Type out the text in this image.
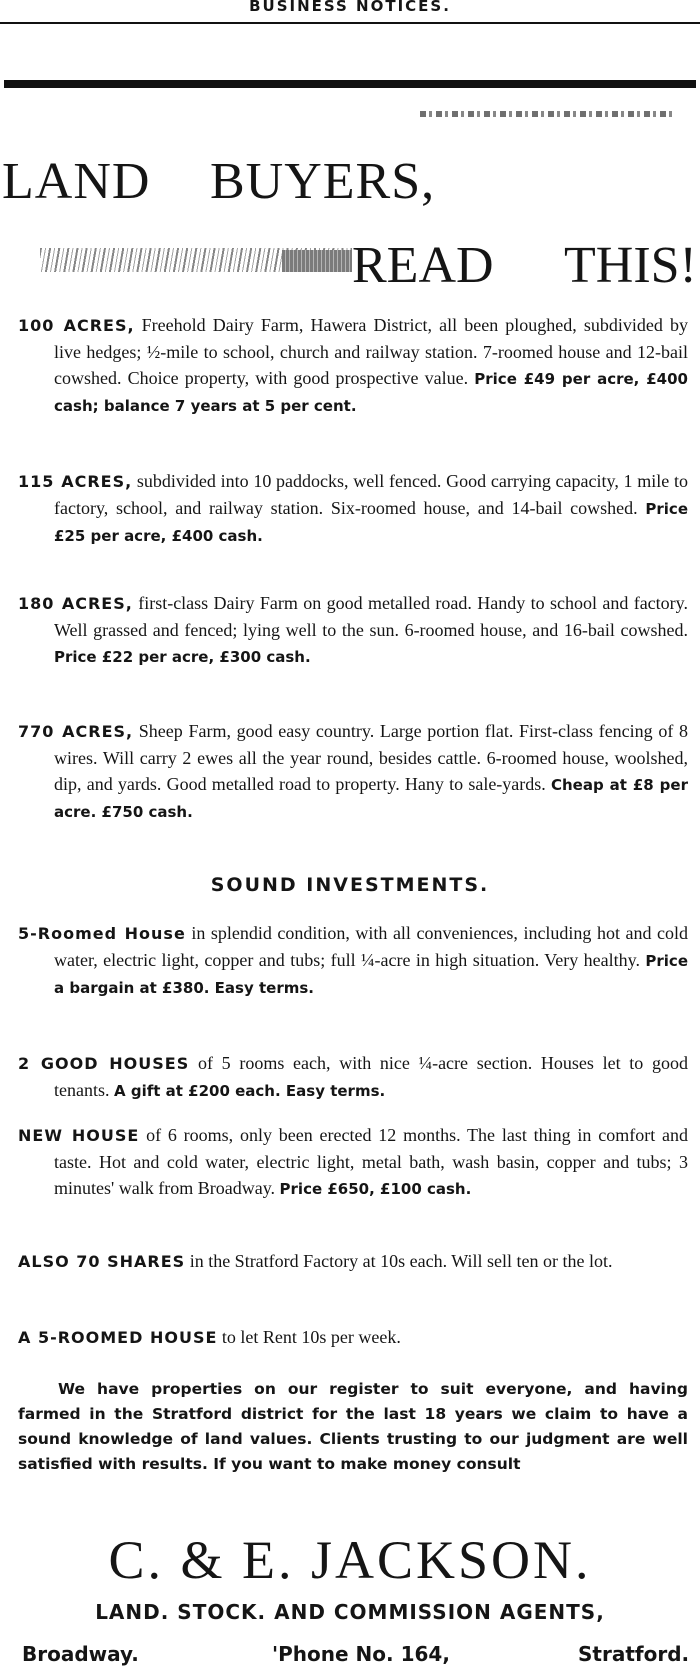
BUSINESS NOTICES.
LAND BUYERS,
READ THIS!

100 ACRES, Freehold Dairy Farm, Hawera District, all been ploughed, subdivided by live hedges; ½-mile to school, church and railway station. 7-roomed house and 12-bail cowshed. Choice property, with good prospective value. Price £49 per acre, £400 cash; balance 7 years at 5 per cent.

115 ACRES, subdivided into 10 paddocks, well fenced. Good carrying capacity, 1 mile to factory, school, and railway station. Six-roomed house, and 14-bail cowshed. Price £25 per acre, £400 cash.

180 ACRES, first-class Dairy Farm on good metalled road. Handy to school and factory. Well grassed and fenced; lying well to the sun. 6-roomed house, and 16-bail cowshed. Price £22 per acre, £300 cash.

770 ACRES, Sheep Farm, good easy country. Large portion flat. First-class fencing of 8 wires. Will carry 2 ewes all the year round, besides cattle. 6-roomed house, woolshed, dip, and yards. Good metalled road to property. Hany to sale-yards. Cheap at £8 per acre. £750 cash.

SOUND INVESTMENTS.

5-Roomed House in splendid condition, with all conveniences, including hot and cold water, electric light, copper and tubs; full ¼-acre in high situation. Very healthy. Price a bargain at £380. Easy terms.

2 GOOD HOUSES of 5 rooms each, with nice ¼-acre section. Houses let to good tenants. A gift at £200 each. Easy terms.

NEW HOUSE of 6 rooms, only been erected 12 months. The last thing in comfort and taste. Hot and cold water, electric light, metal bath, wash basin, copper and tubs; 3 minutes' walk from Broadway. Price £650, £100 cash.

ALSO 70 SHARES in the Stratford Factory at 10s each. Will sell ten or the lot.

A 5-ROOMED HOUSE to let Rent 10s per week.

We have properties on our register to suit everyone, and having farmed in the Stratford district for the last 18 years we claim to have a sound knowledge of land values. Clients trusting to our judgment are well satisfied with results. If you want to make money consult

C. & E. JACKSON.
LAND. STOCK. AND COMMISSION AGENTS,
Broadway.	'Phone No. 164,	Stratford.
